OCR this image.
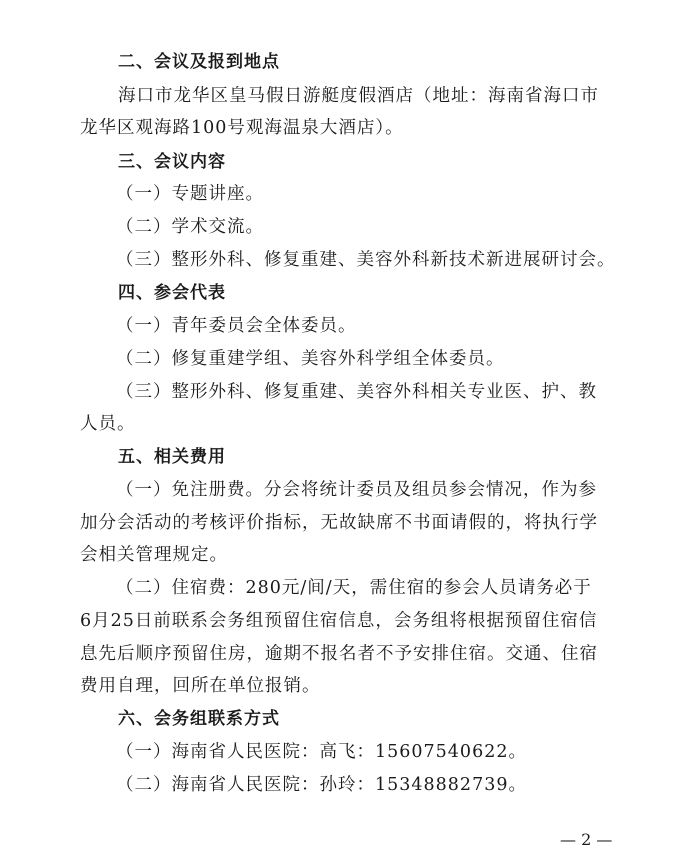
二、会议及报到地点
海口市龙华区皇马假日游艇度假酒店（地址：海南省海口市
龙华区观海路100号观海温泉大酒店）。
三、会议内容
（一）专题讲座。
（二）学术交流。
（三）整形外科、修复重建、美容外科新技术新进展研讨会。
四、参会代表
（一）青年委员会全体委员。
（二）修复重建学组、美容外科学组全体委员。
（三）整形外科、修复重建、美容外科相关专业医、护、教
人员。
五、相关费用
（一）免注册费。分会将统计委员及组员参会情况，作为参
加分会活动的考核评价指标，无故缺席不书面请假的，将执行学
会相关管理规定。
（二）住宿费：280元/间/天，需住宿的参会人员请务必于
6月25日前联系会务组预留住宿信息，会务组将根据预留住宿信
息先后顺序预留住房，逾期不报名者不予安排住宿。交通、住宿
费用自理，回所在单位报销。
六、会务组联系方式
（一）海南省人民医院：高飞：15607540622。
（二）海南省人民医院：孙玲：15348882739。
— 2 —
